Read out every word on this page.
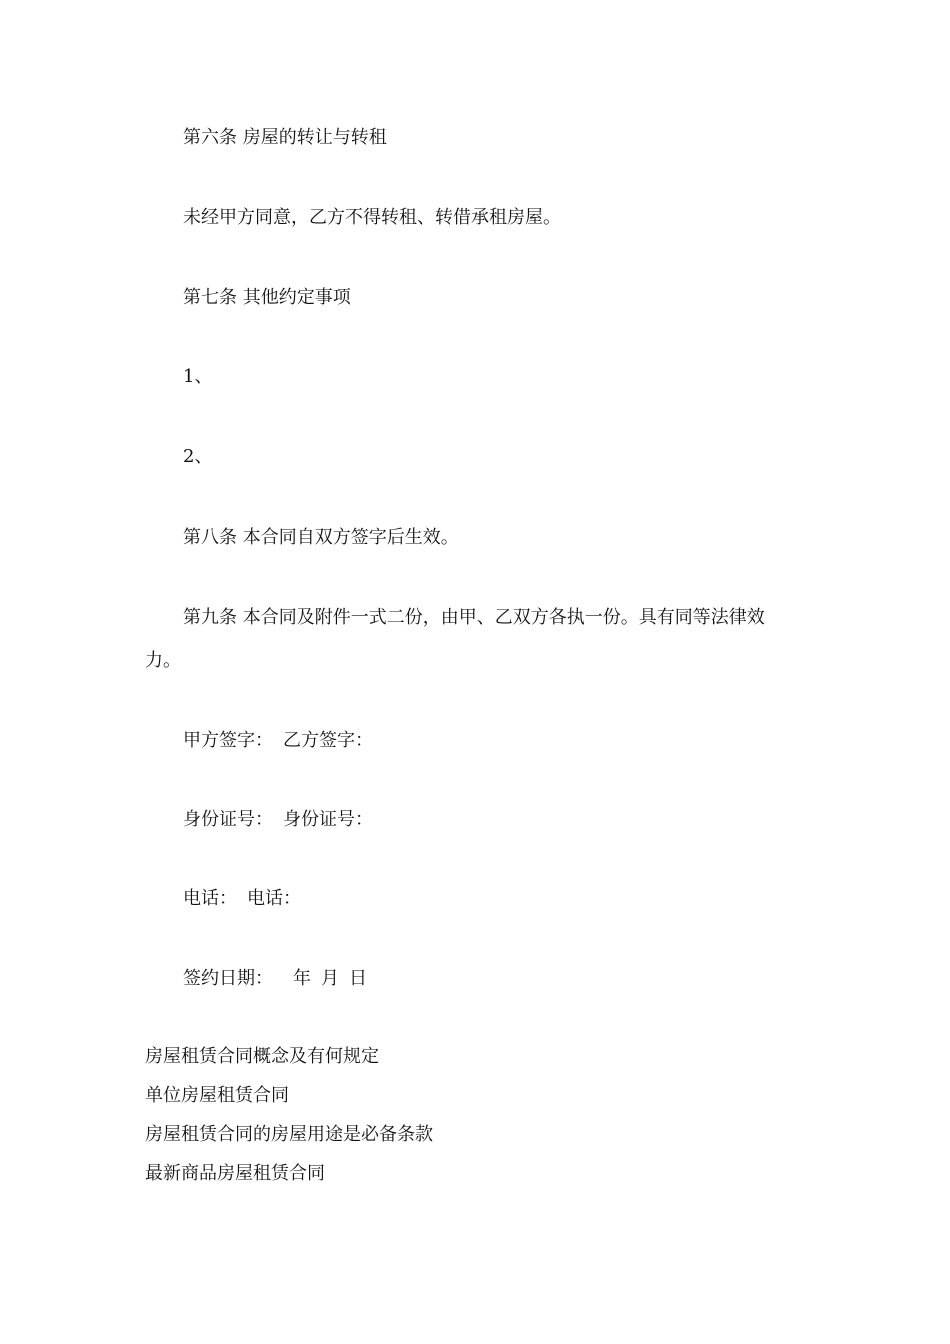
第六条 房屋的转让与转租
未经甲方同意，乙方不得转租、转借承租房屋。
第七条 其他约定事项
1、
2、
第八条 本合同自双方签字后生效。
第九条 本合同及附件一式二份，由甲、乙双方各执一份。具有同等法律效
力。
甲方签字： 乙方签字：
身份证号： 身份证号：
电话： 电话：
签约日期： 年 月 日
房屋租赁合同概念及有何规定
单位房屋租赁合同
房屋租赁合同的房屋用途是必备条款
最新商品房屋租赁合同
